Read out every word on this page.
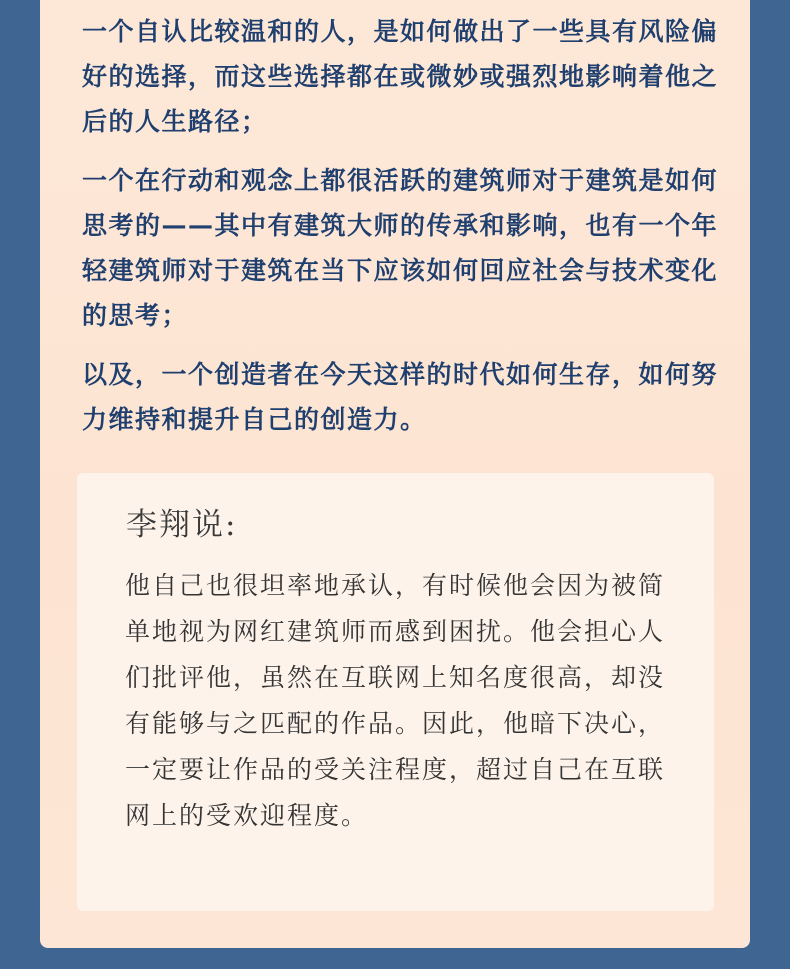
一个自认比较温和的人，是如何做出了一些具有风险偏好的选择，而这些选择都在或微妙或强烈地影响着他之后的人生路径；

一个在行动和观念上都很活跃的建筑师对于建筑是如何思考的——其中有建筑大师的传承和影响，也有一个年轻建筑师对于建筑在当下应该如何回应社会与技术变化的思考；

以及，一个创造者在今天这样的时代如何生存，如何努力维持和提升自己的创造力。

李翔说:

他自己也很坦率地承认，有时候他会因为被简单地视为网红建筑师而感到困扰。他会担心人们批评他，虽然在互联网上知名度很高，却没有能够与之匹配的作品。因此，他暗下决心，一定要让作品的受关注程度，超过自己在互联网上的受欢迎程度。
